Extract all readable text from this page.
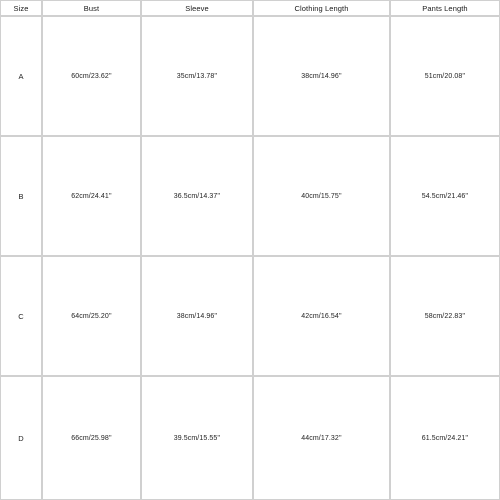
Size	Bust	Sleeve	Clothing Length	Pants Length
A	60cm/23.62''	35cm/13.78''	38cm/14.96''	51cm/20.08''
B	62cm/24.41''	36.5cm/14.37''	40cm/15.75''	54.5cm/21.46''
C	64cm/25.20''	38cm/14.96''	42cm/16.54''	58cm/22.83''
D	66cm/25.98''	39.5cm/15.55''	44cm/17.32''	61.5cm/24.21''
